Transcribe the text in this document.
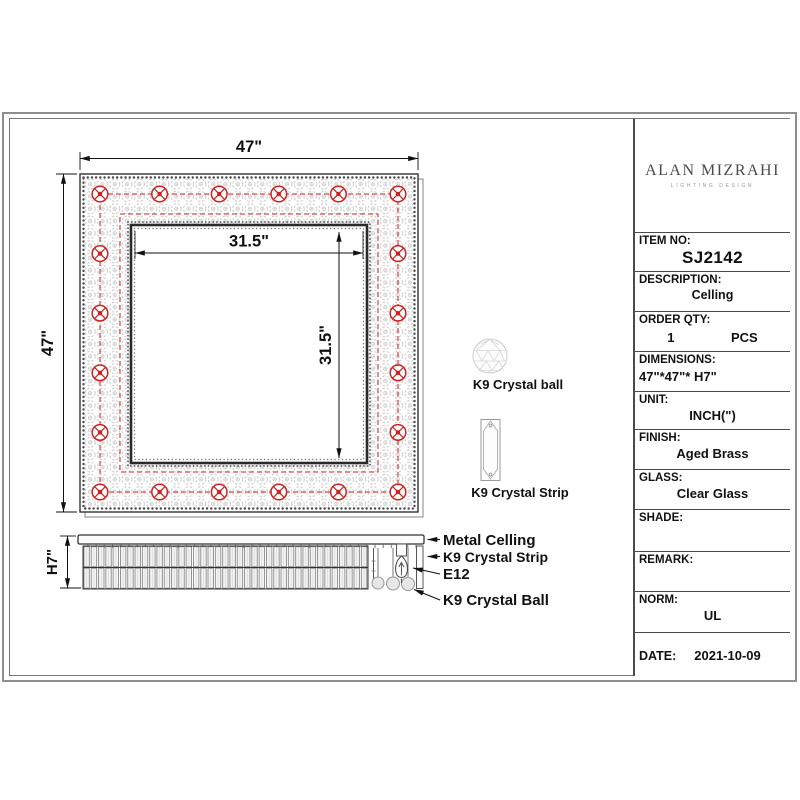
47"
47"
31.5"
31.5"
H7"
Metal Celling
K9 Crystal Strip
E12
K9 Crystal Ball
K9 Crystal ball
K9 Crystal Strip
ALAN MIZRAHI
LIGHTING DESIGN
ITEM NO:
SJ2142
DESCRIPTION:
Celling
ORDER QTY:
1	PCS
DIMENSIONS:
47"*47"* H7"
UNIT:
INCH(")
FINISH:
Aged Brass
GLASS:
Clear Glass
SHADE:
REMARK:
NORM:
UL
DATE: 2021-10-09
